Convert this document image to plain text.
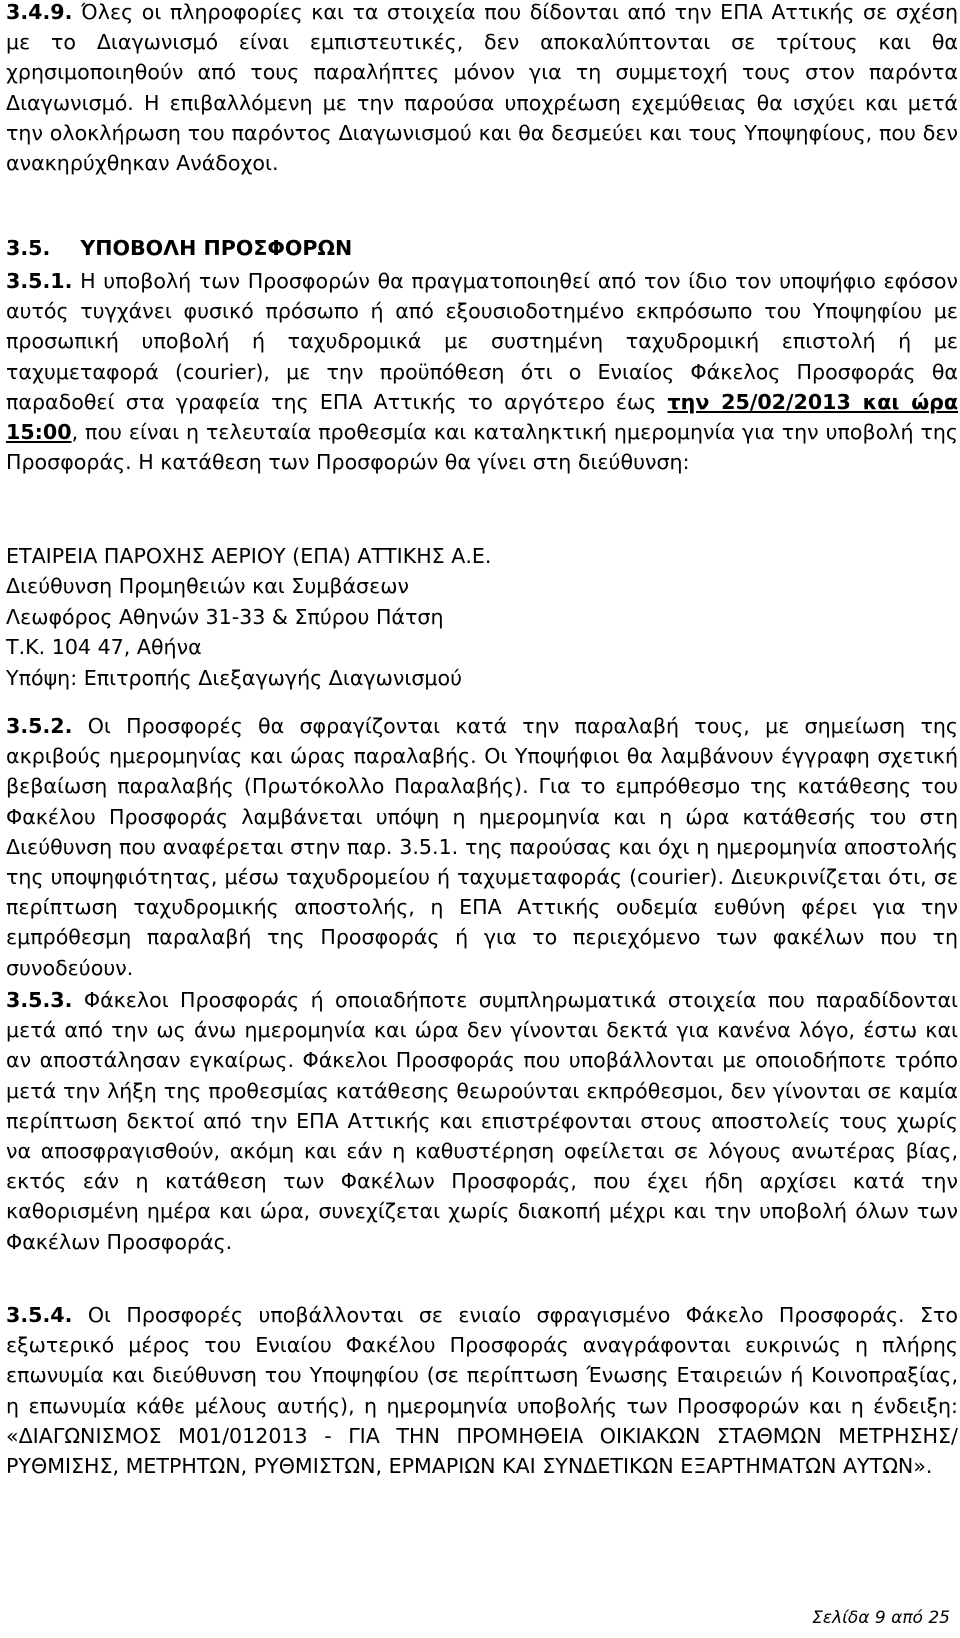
3.4.9. Όλες οι πληροφορίες και τα στοιχεία που δίδονται από την ΕΠΑ Αττικής σε σχέση με το Διαγωνισμό είναι εμπιστευτικές, δεν αποκαλύπτονται σε τρίτους και θα χρησιμοποιηθούν από τους παραλήπτες μόνον για τη συμμετοχή τους στον παρόντα Διαγωνισμό. Η επιβαλλόμενη με την παρούσα υποχρέωση εχεμύθειας θα ισχύει και μετά την ολοκλήρωση του παρόντος Διαγωνισμού και θα δεσμεύει και τους Υποψηφίους, που δεν ανακηρύχθηκαν Ανάδοχοι.

3.5. ΥΠΟΒΟΛΗ ΠΡΟΣΦΟΡΩΝ

3.5.1. Η υποβολή των Προσφορών θα πραγματοποιηθεί από τον ίδιο τον υποψήφιο εφόσον αυτός τυγχάνει φυσικό πρόσωπο ή από εξουσιοδοτημένο εκπρόσωπο του Υποψηφίου με προσωπική υποβολή ή ταχυδρομικά με συστημένη ταχυδρομική επιστολή ή με ταχυμεταφορά (courier), με την προϋπόθεση ότι ο Ενιαίος Φάκελος Προσφοράς θα παραδοθεί στα γραφεία της ΕΠΑ Αττικής το αργότερο έως την 25/02/2013 και ώρα 15:00, που είναι η τελευταία προθεσμία και καταληκτική ημερομηνία για την υποβολή της Προσφοράς. Η κατάθεση των Προσφορών θα γίνει στη διεύθυνση:

ΕΤΑΙΡΕΙΑ ΠΑΡΟΧΗΣ ΑΕΡΙΟΥ (ΕΠΑ) ΑΤΤΙΚΗΣ Α.Ε.

Διεύθυνση Προμηθειών και Συμβάσεων

Λεωφόρος Αθηνών 31-33 & Σπύρου Πάτση

Τ.Κ. 104 47, Αθήνα

Υπόψη: Επιτροπής Διεξαγωγής Διαγωνισμού

3.5.2. Οι Προσφορές θα σφραγίζονται κατά την παραλαβή τους, με σημείωση της ακριβούς ημερομηνίας και ώρας παραλαβής. Οι Υποψήφιοι θα λαμβάνουν έγγραφη σχετική βεβαίωση παραλαβής (Πρωτόκολλο Παραλαβής). Για το εμπρόθεσμο της κατάθεσης του Φακέλου Προσφοράς λαμβάνεται υπόψη η ημερομηνία και η ώρα κατάθεσής του στη Διεύθυνση που αναφέρεται στην παρ. 3.5.1. της παρούσας και όχι η ημερομηνία αποστολής της υποψηφιότητας, μέσω ταχυδρομείου ή ταχυμεταφοράς (courier). Διευκρινίζεται ότι, σε περίπτωση ταχυδρομικής αποστολής, η ΕΠΑ Αττικής ουδεμία ευθύνη φέρει για την εμπρόθεσμη παραλαβή της Προσφοράς ή για το περιεχόμενο των φακέλων που τη συνοδεύουν.

3.5.3. Φάκελοι Προσφοράς ή οποιαδήποτε συμπληρωματικά στοιχεία που παραδίδονται μετά από την ως άνω ημερομηνία και ώρα δεν γίνονται δεκτά για κανένα λόγο, έστω και αν αποστάλησαν εγκαίρως. Φάκελοι Προσφοράς που υποβάλλονται με οποιοδήποτε τρόπο μετά την λήξη της προθεσμίας κατάθεσης θεωρούνται εκπρόθεσμοι, δεν γίνονται σε καμία περίπτωση δεκτοί από την ΕΠΑ Αττικής και επιστρέφονται στους αποστολείς τους χωρίς να αποσφραγισθούν, ακόμη και εάν η καθυστέρηση οφείλεται σε λόγους ανωτέρας βίας, εκτός εάν η κατάθεση των Φακέλων Προσφοράς, που έχει ήδη αρχίσει κατά την καθορισμένη ημέρα και ώρα, συνεχίζεται χωρίς διακοπή μέχρι και την υποβολή όλων των Φακέλων Προσφοράς.

3.5.4. Οι Προσφορές υποβάλλονται σε ενιαίο σφραγισμένο Φάκελο Προσφοράς. Στο εξωτερικό μέρος του Ενιαίου Φακέλου Προσφοράς αναγράφονται ευκρινώς η πλήρης επωνυμία και διεύθυνση του Υποψηφίου (σε περίπτωση Ένωσης Εταιρειών ή Κοινοπραξίας, η επωνυμία κάθε μέλους αυτής), η ημερομηνία υποβολής των Προσφορών και η ένδειξη: «ΔΙΑΓΩΝΙΣΜΟΣ Μ01/012013 - ΓΙΑ ΤΗΝ ΠΡΟΜΗΘΕΙΑ ΟΙΚΙΑΚΩΝ ΣΤΑΘΜΩΝ ΜΕΤΡΗΣΗΣ/ΡΥΘΜΙΣΗΣ, ΜΕΤΡΗΤΩΝ, ΡΥΘΜΙΣΤΩΝ, ΕΡΜΑΡΙΩΝ ΚΑΙ ΣΥΝΔΕΤΙΚΩΝ ΕΞΑΡΤΗΜΑΤΩΝ ΑΥΤΩΝ».

Σελίδα 9 από 25
